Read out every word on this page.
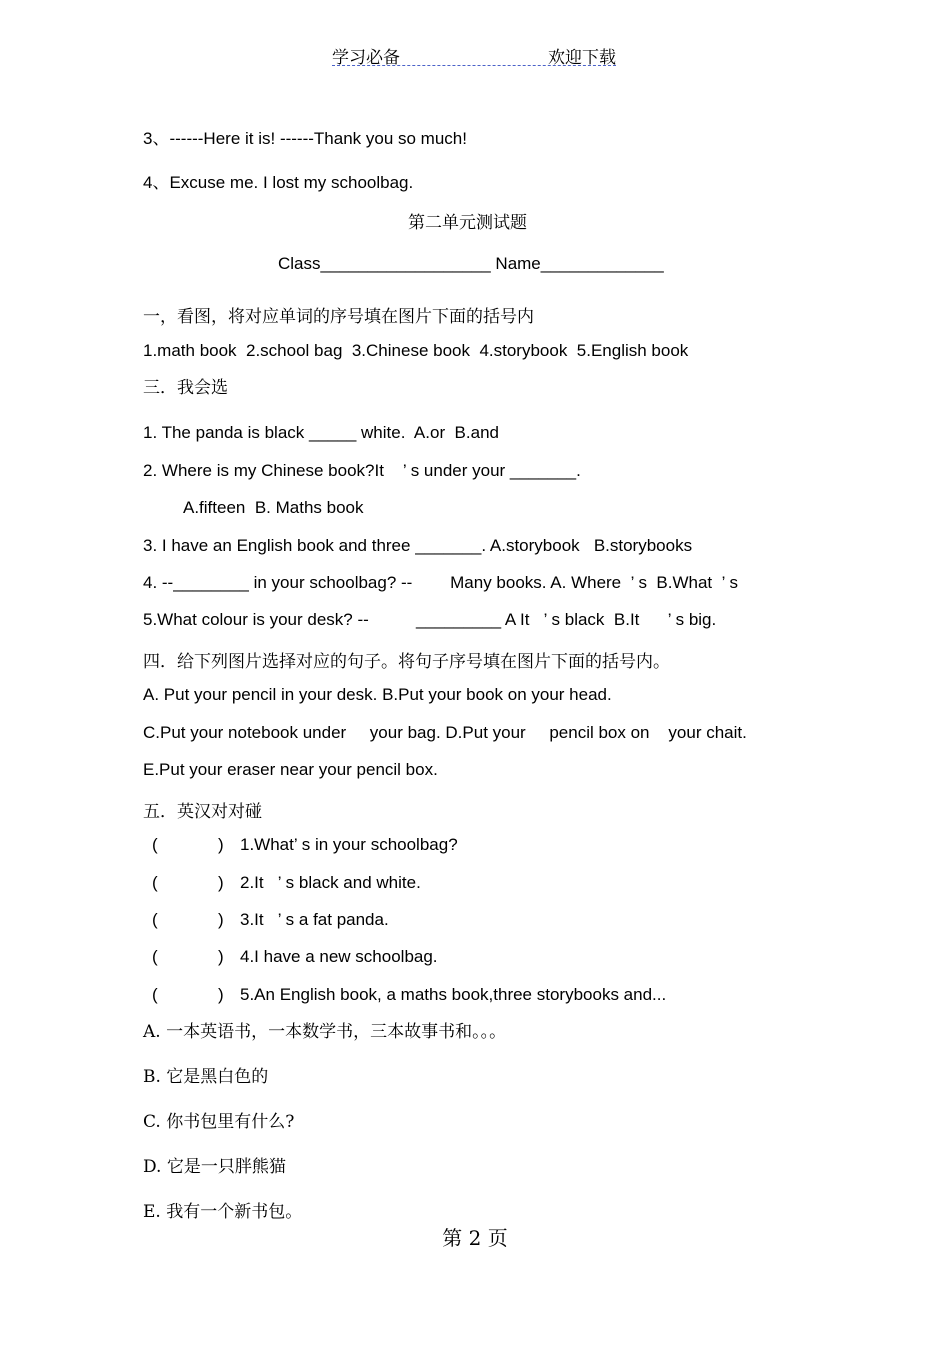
学习必备	欢迎下载
3、------Here it is! ------Thank you so much!
4、Excuse me. I lost my schoolbag.
第二单元测试题
Class__________________ Name_____________
一，看图，将对应单词的序号填在图片下面的括号内
1.math book  2.school bag  3.Chinese book  4.storybook  5.English book
三．我会选
1. The panda is black _____ white.  A.or  B.and
2. Where is my Chinese book?It    ’ s under your _______.
A.fifteen  B. Maths book
3. I have an English book and three _______. A.storybook   B.storybooks
4. --________ in your schoolbag? --        Many books. A. Where  ’ s  B.What  ’ s
5.What colour is your desk? --          _________ A It   ’ s black  B.It      ’ s big.
四．给下列图片选择对应的句子。将句子序号填在图片下面的括号内。
A. Put your pencil in your desk. B.Put your book on your head.
C.Put your notebook under     your bag. D.Put your     pencil box on    your chait.
E.Put your eraser near your pencil box.
五．英汉对对碰
(	) 1.What’ s in your schoolbag?
(	) 2.It   ’ s black and white.
(	) 3.It   ’ s a fat panda.
(	) 4.I have a new schoolbag.
(	) 5.An English book, a maths book,three storybooks and...
A. 一本英语书，一本数学书，三本故事书和。。。
B. 它是黑白色的
C. 你书包里有什么?
D. 它是一只胖熊猫
E. 我有一个新书包。
第 2 页
